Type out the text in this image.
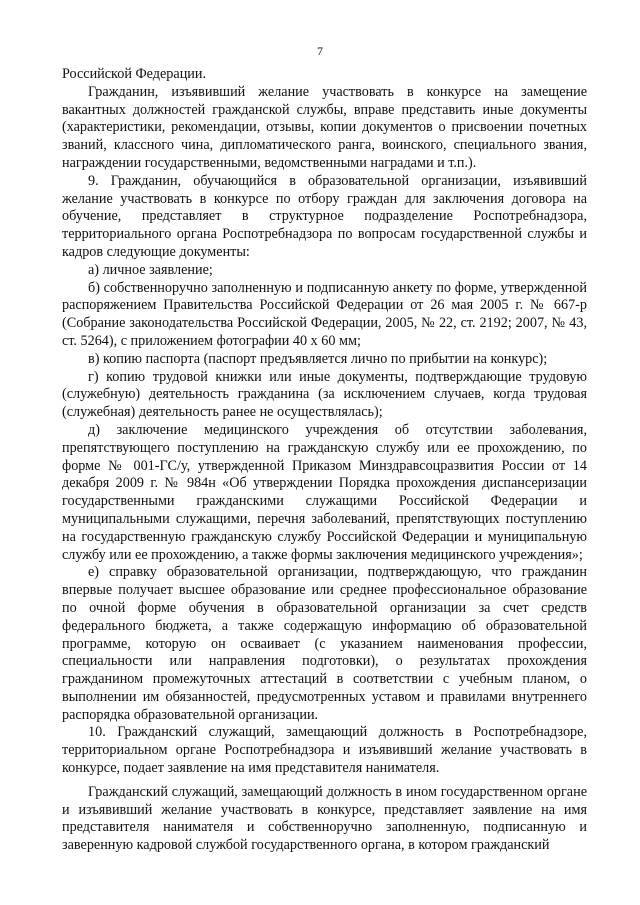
7

Российской Федерации.

Гражданин, изъявивший желание участвовать в конкурсе на замещение вакантных должностей гражданской службы, вправе представить иные документы (характеристики, рекомендации, отзывы, копии документов о присвоении почетных званий, классного чина, дипломатического ранга, воинского, специального звания, награждении государственными, ведомственными наградами и т.п.).

9. Гражданин, обучающийся в образовательной организации, изъявивший желание участвовать в конкурсе по отбору граждан для заключения договора на обучение, представляет в структурное подразделение Роспотребнадзора, территориального органа Роспотребнадзора по вопросам государственной службы и кадров следующие документы:

а) личное заявление;

б) собственноручно заполненную и подписанную анкету по форме, утвержденной распоряжением Правительства Российской Федерации от 26 мая 2005 г. № 667-р (Собрание законодательства Российской Федерации, 2005, № 22, ст. 2192; 2007, № 43, ст. 5264), с приложением фотографии 40 х 60 мм;

в) копию паспорта (паспорт предъявляется лично по прибытии на конкурс);

г) копию трудовой книжки или иные документы, подтверждающие трудовую (служебную) деятельность гражданина (за исключением случаев, когда трудовая (служебная) деятельность ранее не осуществлялась);

д) заключение медицинского учреждения об отсутствии заболевания, препятствующего поступлению на гражданскую службу или ее прохождению, по форме № 001-ГС/у, утвержденной Приказом Минздравсоцразвития России от 14 декабря 2009 г. № 984н «Об утверждении Порядка прохождения диспансеризации государственными гражданскими служащими Российской Федерации и муниципальными служащими, перечня заболеваний, препятствующих поступлению на государственную гражданскую службу Российской Федерации и муниципальную службу или ее прохождению, а также формы заключения медицинского учреждения»;

е) справку образовательной организации, подтверждающую, что гражданин впервые получает высшее образование или среднее профессиональное образование по очной форме обучения в образовательной организации за счет средств федерального бюджета, а также содержащую информацию об образовательной программе, которую он осваивает (с указанием наименования профессии, специальности или направления подготовки), о результатах прохождения гражданином промежуточных аттестаций в соответствии с учебным планом, о выполнении им обязанностей, предусмотренных уставом и правилами внутреннего распорядка образовательной организации.

10. Гражданский служащий, замещающий должность в Роспотребнадзоре, территориальном органе Роспотребнадзора и изъявивший желание участвовать в конкурсе, подает заявление на имя представителя нанимателя.

Гражданский служащий, замещающий должность в ином государственном органе и изъявивший желание участвовать в конкурсе, представляет заявление на имя представителя нанимателя и собственноручно заполненную, подписанную и заверенную кадровой службой государственного органа, в котором гражданский
